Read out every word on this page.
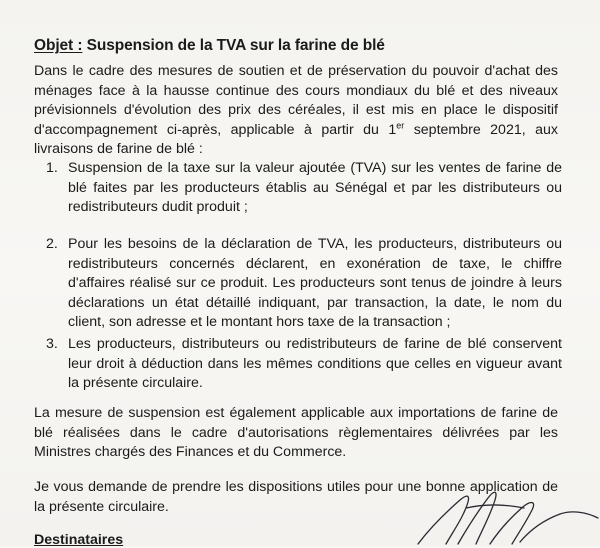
Objet : Suspension de la TVA sur la farine de blé

Dans le cadre des mesures de soutien et de préservation du pouvoir d'achat des ménages face à la hausse continue des cours mondiaux du blé et des niveaux prévisionnels d'évolution des prix des céréales, il est mis en place le dispositif d'accompagnement ci-après, applicable à partir du 1er septembre 2021, aux livraisons de farine de blé :

1. Suspension de la taxe sur la valeur ajoutée (TVA) sur les ventes de farine de blé faites par les producteurs établis au Sénégal et par les distributeurs ou redistributeurs dudit produit ;
2. Pour les besoins de la déclaration de TVA, les producteurs, distributeurs ou redistributeurs concernés déclarent, en exonération de taxe, le chiffre d'affaires réalisé sur ce produit. Les producteurs sont tenus de joindre à leurs déclarations un état détaillé indiquant, par transaction, la date, le nom du client, son adresse et le montant hors taxe de la transaction ;
3. Les producteurs, distributeurs ou redistributeurs de farine de blé conservent leur droit à déduction dans les mêmes conditions que celles en vigueur avant la présente circulaire.

La mesure de suspension est également applicable aux importations de farine de blé réalisées dans le cadre d'autorisations règlementaires délivrées par les Ministres chargés des Finances et du Commerce.

Je vous demande de prendre les dispositions utiles pour une bonne application de la présente circulaire.

Destinataires
